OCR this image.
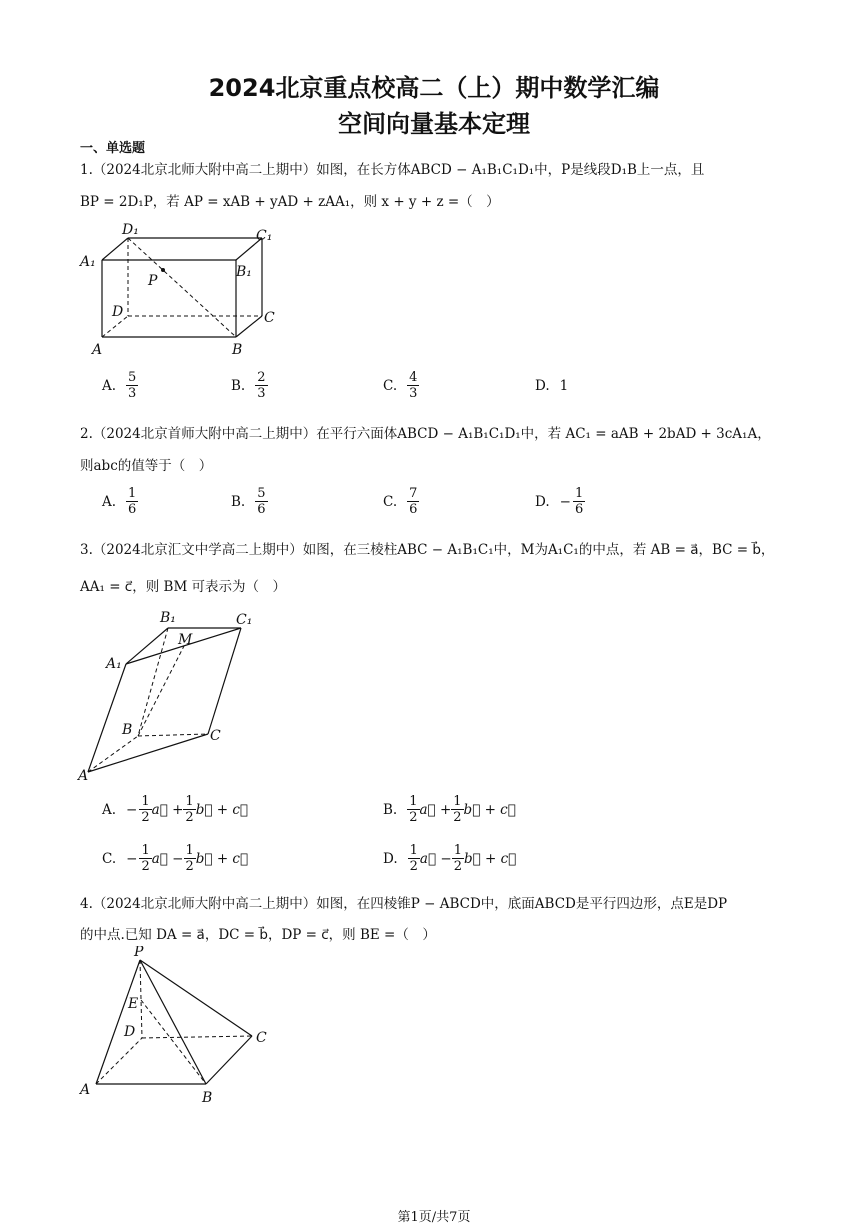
2024北京重点校高二（上）期中数学汇编
空间向量基本定理
一、单选题
1.（2024北京北师大附中高二上期中）如图，在长方体ABCD − A₁B₁C₁D₁中，P是线段D₁B上一点，且
BP = 2D₁P，若 AP = xAB + yAD + zAA₁，则 x + y + z =（　）
D₁	C₁
A₁
B₁
P
D	C
A	B
A. $\frac{5}{3}$	B. $\frac{2}{3}$	C. $\frac{4}{3}$	D. 1
2.（2024北京首师大附中高二上期中）在平行六面体ABCD − A₁B₁C₁D₁中，若 AC₁ = aAB + 2bAD + 3cA₁A，
则abc的值等于（　）
A. $\frac{1}{6}$	B. $\frac{5}{6}$	C. $\frac{7}{6}$	D. − $\frac{1}{6}$
3.（2024北京汇文中学高二上期中）如图，在三棱柱ABC − A₁B₁C₁中，M为A₁C₁的中点，若 AB = a⃗，BC = b⃗，
AA₁ = c⃗，则 BM 可表示为（　）
B₁	C₁
M
A₁
B	C
A
A. − $\frac{1}{2}$ a⃗ + $\frac{1}{2}$ b⃗ + c⃗	B. $\frac{1}{2}$ a⃗ + $\frac{1}{2}$ b⃗ + c⃗
C. − $\frac{1}{2}$ a⃗ − $\frac{1}{2}$ b⃗ + c⃗	D. $\frac{1}{2}$ a⃗ − $\frac{1}{2}$ b⃗ + c⃗
4.（2024北京北师大附中高二上期中）如图，在四棱锥P − ABCD中，底面ABCD是平行四边形，点E是DP
的中点.已知 DA = a⃗，DC = b⃗，DP = c⃗，则 BE =（　）
P
E
D	C
A	B
第1页/共7页
